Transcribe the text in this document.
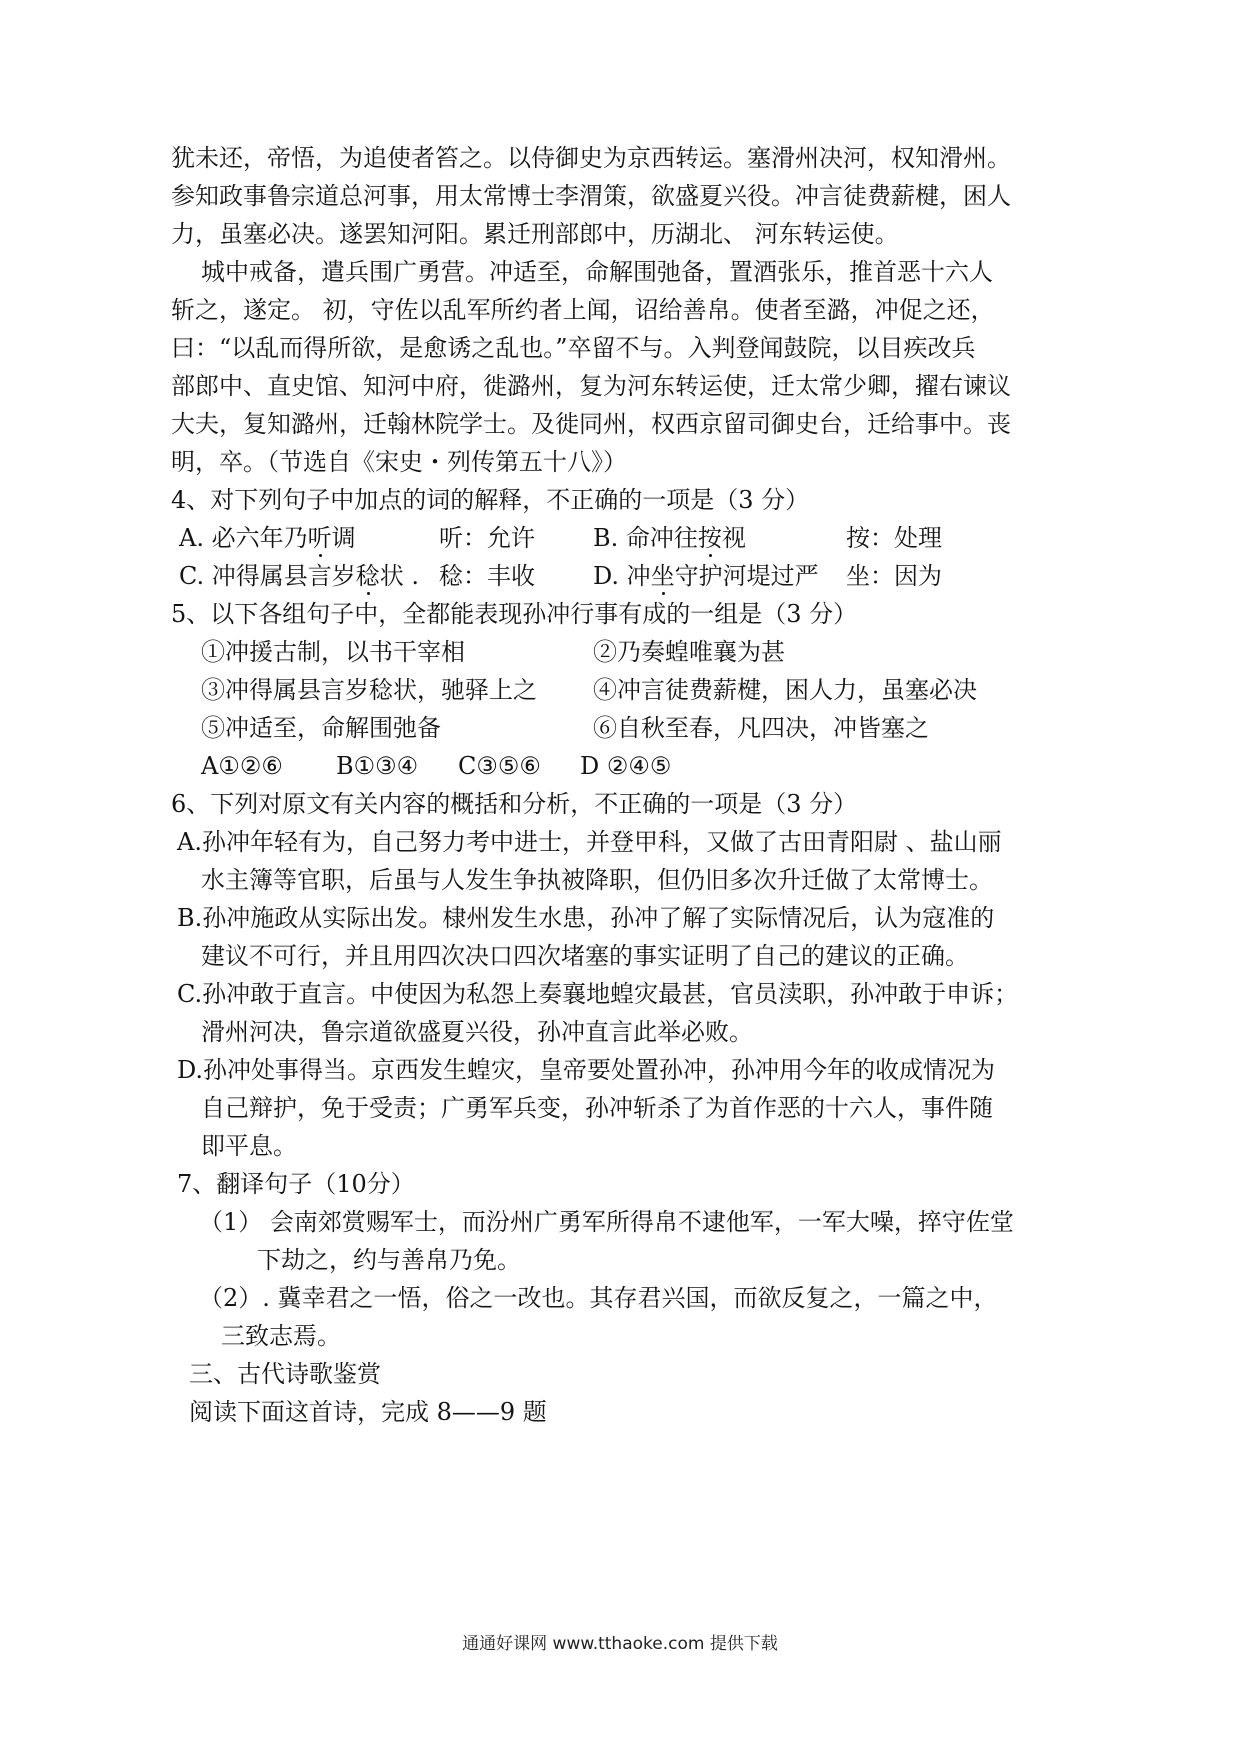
犹未还，帝悟，为追使者笞之。以侍御史为京西转运。塞滑州决河，权知滑州。
参知政事鲁宗道总河事，用太常博士李渭策，欲盛夏兴役。冲言徒费薪楗，困人
力，虽塞必决。遂罢知河阳。累迁刑部郎中，历湖北、 河东转运使。
城中戒备，遣兵围广勇营。冲适至，命解围弛备，置酒张乐，推首恶十六人
斩之，遂定。 初，守佐以乱军所约者上闻，诏给善帛。使者至潞，冲促之还，
曰：“以乱而得所欲，是愈诱之乱也。”卒留不与。入判登闻鼓院，以目疾改兵
部郎中、直史馆、知河中府，徙潞州，复为河东转运使，迁太常少卿，擢右谏议
大夫，复知潞州，迁翰林院学士。及徙同州，权西京留司御史台，迁给事中。丧
明，卒。（节选自《宋史・列传第五十八》）
4、对下列句子中加点的词的解释，不正确的一项是（3 分）
A. 必六年乃听调	听：允许 B. 命冲往按视	按：处理
C. 冲得属县言岁稔状 . 稔：丰收 D. 冲坐守护河堤过严 坐：因为
5、以下各组句子中，全都能表现孙冲行事有成的一组是（3 分）
①冲援古制，以书干宰相	②乃奏蝗唯襄为甚
③冲得属县言岁稔状，驰驿上之 ④冲言徒费薪楗，困人力，虽塞必决
⑤冲适至，命解围弛备	⑥自秋至春，凡四决，冲皆塞之
A①②⑥ B①③④ C③⑤⑥ D ②④⑤
6、下列对原文有关内容的概括和分析，不正确的一项是（3 分）
A.孙冲年轻有为，自己努力考中进士，并登甲科，又做了古田青阳尉 、盐山丽
水主簿等官职，后虽与人发生争执被降职，但仍旧多次升迁做了太常博士。
B.孙冲施政从实际出发。棣州发生水患，孙冲了解了实际情况后，认为寇准的
建议不可行，并且用四次决口四次堵塞的事实证明了自己的建议的正确。
C.孙冲敢于直言。中使因为私怨上奏襄地蝗灾最甚，官员渎职，孙冲敢于申诉；
滑州河决，鲁宗道欲盛夏兴役，孙冲直言此举必败。
D.孙冲处事得当。京西发生蝗灾，皇帝要处置孙冲，孙冲用今年的收成情况为
自己辩护，免于受责；广勇军兵变，孙冲斩杀了为首作恶的十六人，事件随
即平息。
7、翻译句子（10分）
（1） 会南郊赏赐军士，而汾州广勇军所得帛不逮他军，一军大噪，捽守佐堂
下劫之，约与善帛乃免。
（2）. 冀幸君之一悟，俗之一改也。其存君兴国，而欲反复之，一篇之中，
三致志焉。
三、古代诗歌鉴赏
阅读下面这首诗，完成 8——9 题
通通好课网 www.tthaoke.com 提供下载
